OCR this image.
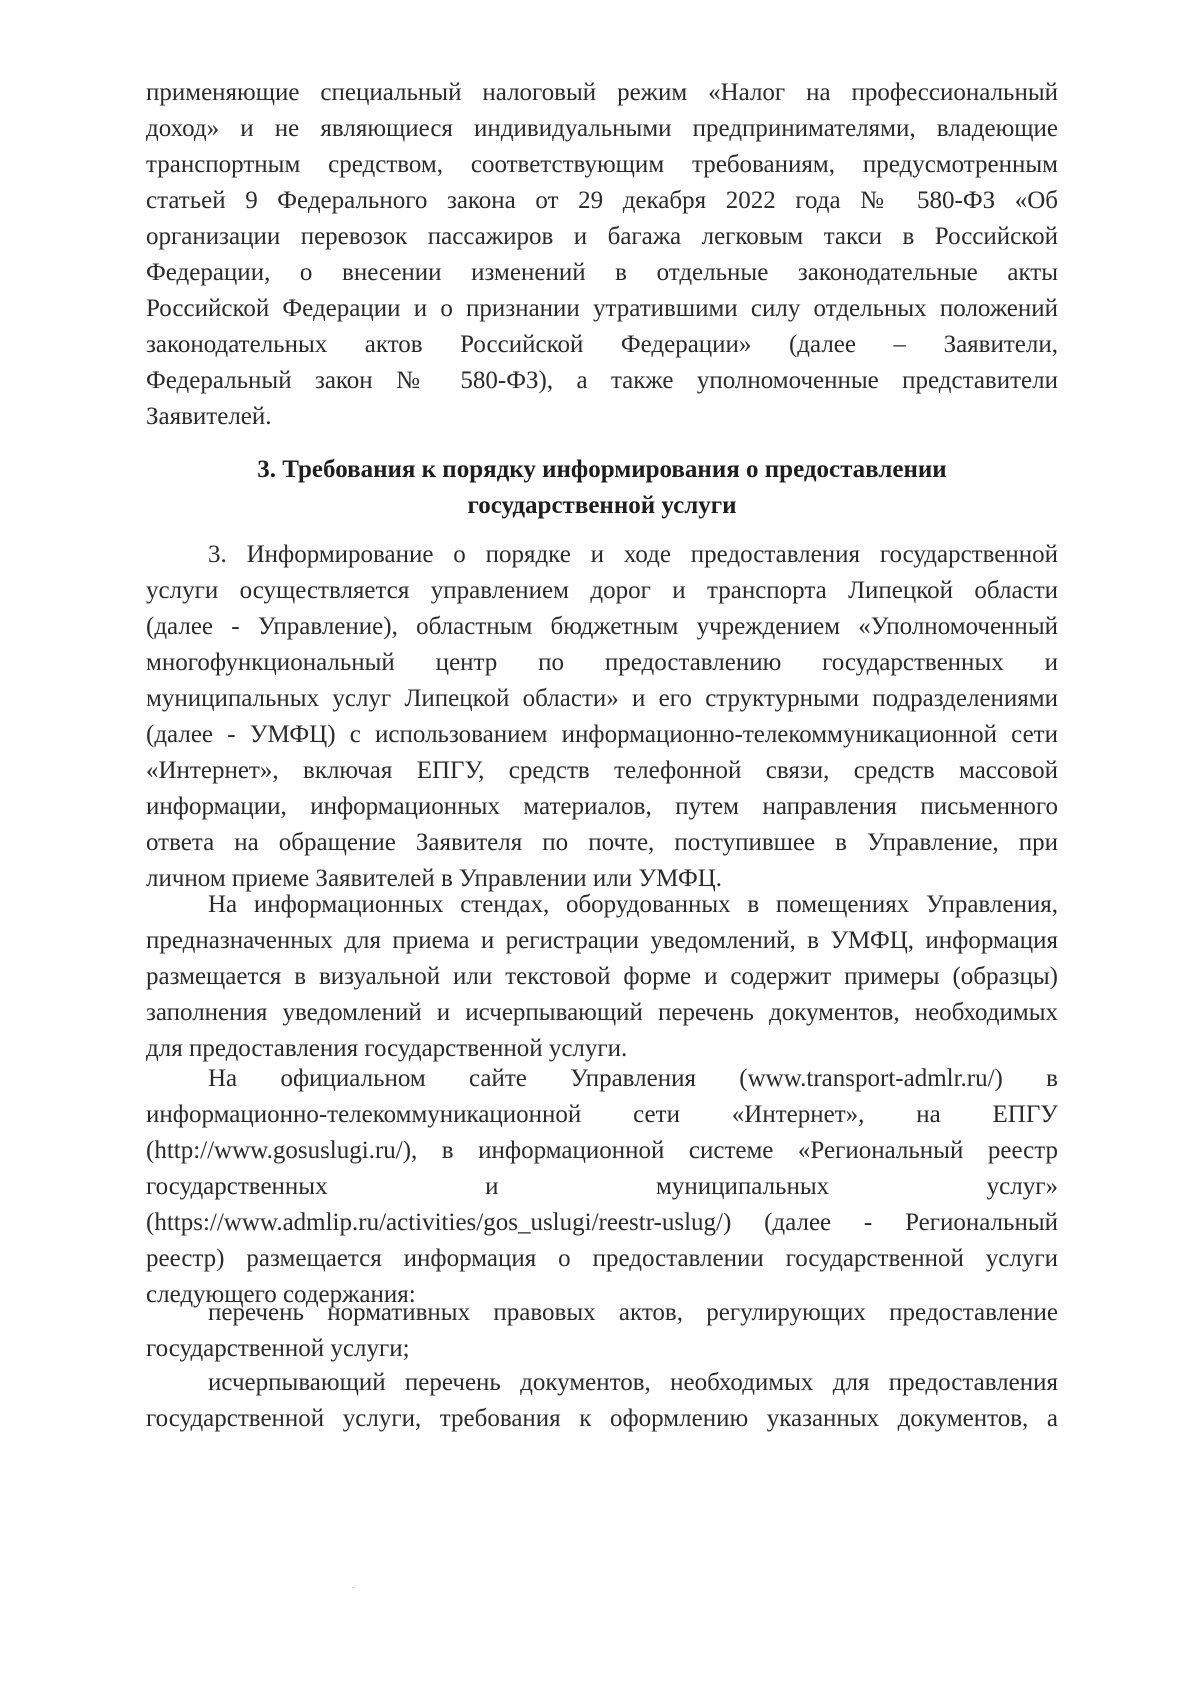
применяющие специальный налоговый режим «Налог на профессиональный
доход» и не являющиеся индивидуальными предпринимателями, владеющие
транспортным средством, соответствующим требованиям, предусмотренным
статьей 9 Федерального закона от 29 декабря 2022 года № 580-ФЗ «Об
организации перевозок пассажиров и багажа легковым такси в Российской
Федерации, о внесении изменений в отдельные законодательные акты
Российской Федерации и о признании утратившими силу отдельных положений
законодательных актов Российской Федерации» (далее – Заявители,
Федеральный закон № 580-ФЗ), а также уполномоченные представители
Заявителей.
3. Требования к порядку информирования о предоставлении
государственной услуги
3. Информирование о порядке и ходе предоставления государственной
услуги осуществляется управлением дорог и транспорта Липецкой области
(далее - Управление), областным бюджетным учреждением «Уполномоченный
многофункциональный центр по предоставлению государственных и
муниципальных услуг Липецкой области» и его структурными подразделениями
(далее - УМФЦ) с использованием информационно-телекоммуникационной сети
«Интернет», включая ЕПГУ, средств телефонной связи, средств массовой
информации, информационных материалов, путем направления письменного
ответа на обращение Заявителя по почте, поступившее в Управление, при
личном приеме Заявителей в Управлении или УМФЦ.
На информационных стендах, оборудованных в помещениях Управления,
предназначенных для приема и регистрации уведомлений, в УМФЦ, информация
размещается в визуальной или текстовой форме и содержит примеры (образцы)
заполнения уведомлений и исчерпывающий перечень документов, необходимых
для предоставления государственной услуги.
На официальном сайте Управления (www.transport-admlr.ru/) в
информационно-телекоммуникационной сети «Интернет», на ЕПГУ
(http://www.gosuslugi.ru/), в информационной системе «Региональный реестр
государственных и муниципальных услуг»
(https://www.admlip.ru/activities/gos_uslugi/reestr-uslug/) (далее - Региональный
реестр) размещается информация о предоставлении государственной услуги
следующего содержания:
перечень нормативных правовых актов, регулирующих предоставление
государственной услуги;
исчерпывающий перечень документов, необходимых для предоставления
государственной услуги, требования к оформлению указанных документов, а
